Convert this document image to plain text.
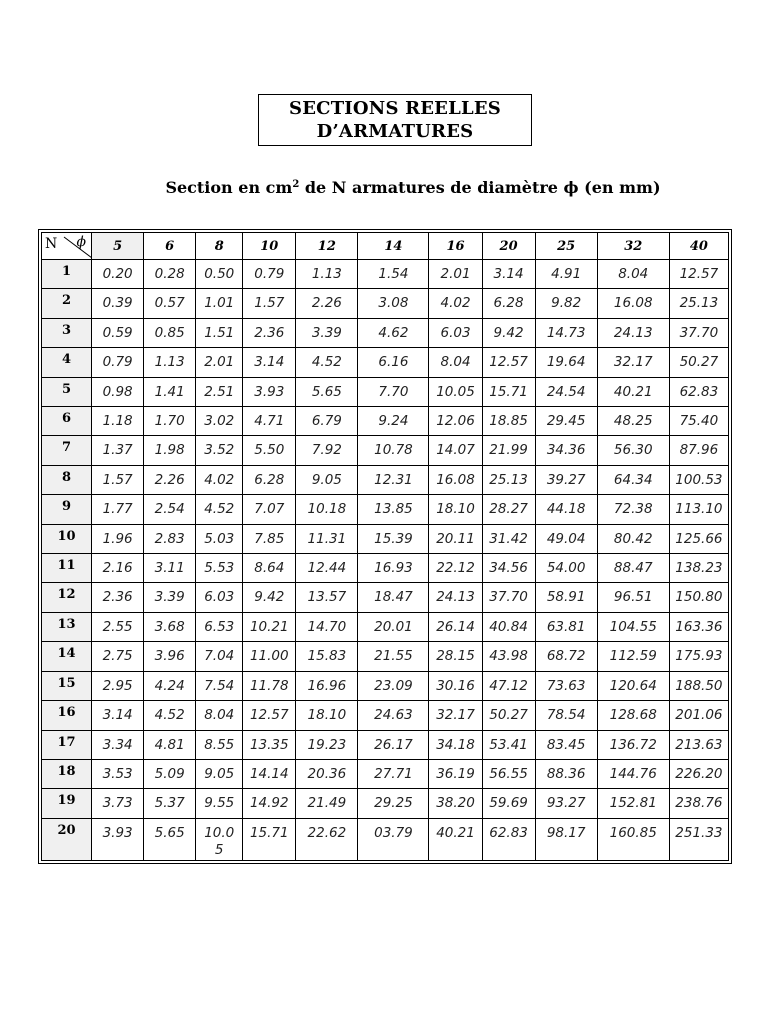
SECTIONS REELLES
D’ARMATURES
Section en $cm^2$ de N armatures de diamètre ϕ (en mm)
N ϕ	5	6	8	10	12	14	16	20	25	32	40
1	0.20	0.28	0.50	0.79	1.13	1.54	2.01	3.14	4.91	8.04	12.57
2	0.39	0.57	1.01	1.57	2.26	3.08	4.02	6.28	9.82	16.08	25.13
3	0.59	0.85	1.51	2.36	3.39	4.62	6.03	9.42	14.73	24.13	37.70
4	0.79	1.13	2.01	3.14	4.52	6.16	8.04	12.57	19.64	32.17	50.27
5	0.98	1.41	2.51	3.93	5.65	7.70	10.05	15.71	24.54	40.21	62.83
6	1.18	1.70	3.02	4.71	6.79	9.24	12.06	18.85	29.45	48.25	75.40
7	1.37	1.98	3.52	5.50	7.92	10.78	14.07	21.99	34.36	56.30	87.96
8	1.57	2.26	4.02	6.28	9.05	12.31	16.08	25.13	39.27	64.34	100.53
9	1.77	2.54	4.52	7.07	10.18	13.85	18.10	28.27	44.18	72.38	113.10
10	1.96	2.83	5.03	7.85	11.31	15.39	20.11	31.42	49.04	80.42	125.66
11	2.16	3.11	5.53	8.64	12.44	16.93	22.12	34.56	54.00	88.47	138.23
12	2.36	3.39	6.03	9.42	13.57	18.47	24.13	37.70	58.91	96.51	150.80
13	2.55	3.68	6.53	10.21	14.70	20.01	26.14	40.84	63.81	104.55	163.36
14	2.75	3.96	7.04	11.00	15.83	21.55	28.15	43.98	68.72	112.59	175.93
15	2.95	4.24	7.54	11.78	16.96	23.09	30.16	47.12	73.63	120.64	188.50
16	3.14	4.52	8.04	12.57	18.10	24.63	32.17	50.27	78.54	128.68	201.06
17	3.34	4.81	8.55	13.35	19.23	26.17	34.18	53.41	83.45	136.72	213.63
18	3.53	5.09	9.05	14.14	20.36	27.71	36.19	56.55	88.36	144.76	226.20
19	3.73	5.37	9.55	14.92	21.49	29.25	38.20	59.69	93.27	152.81	238.76
20	3.93	5.65	10.05	15.71	22.62	03.79	40.21	62.83	98.17	160.85	251.33
